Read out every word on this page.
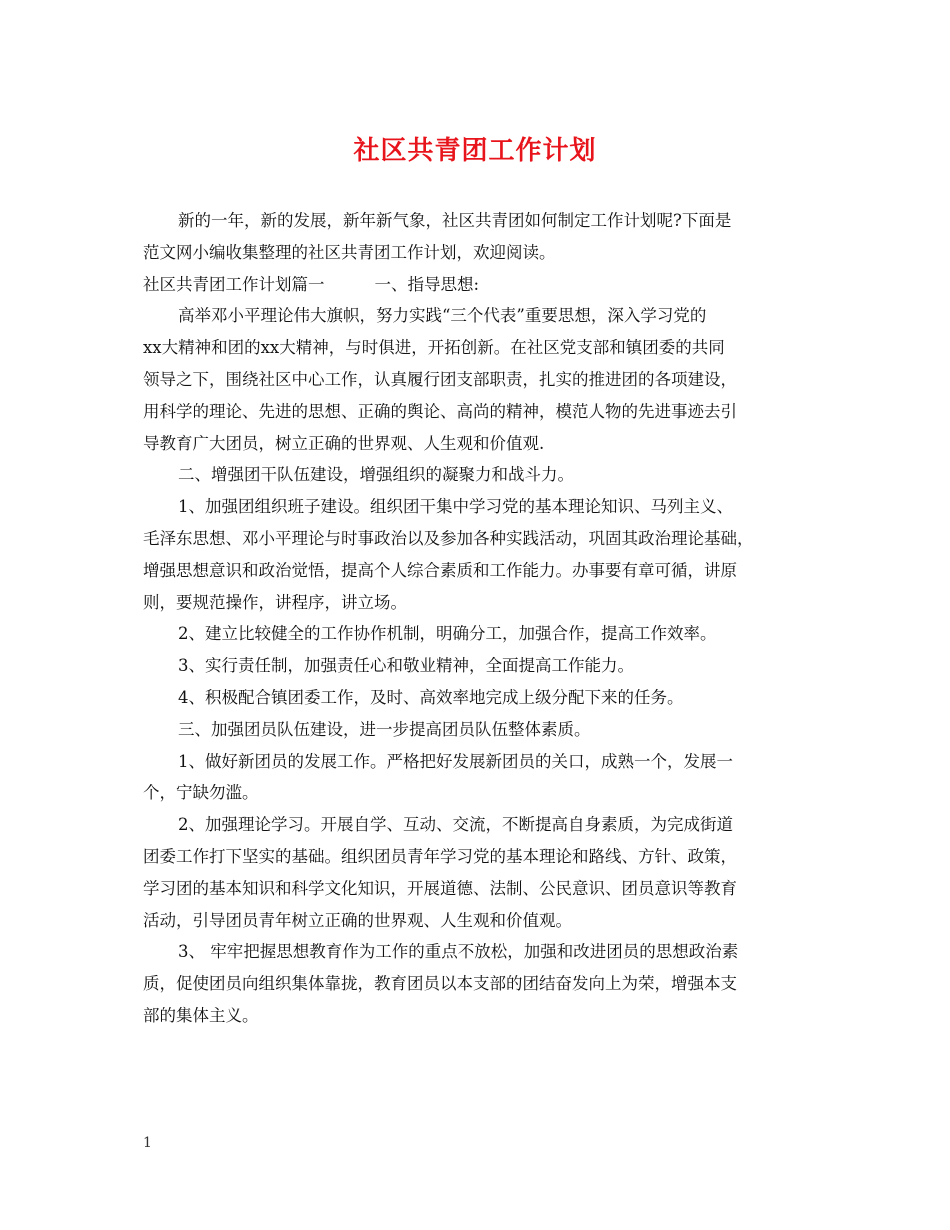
社区共青团工作计划
新的一年，新的发展，新年新气象，社区共青团如何制定工作计划呢?下面是
范文网小编收集整理的社区共青团工作计划，欢迎阅读。
社区共青团工作计划篇一	一、指导思想:
高举邓小平理论伟大旗帜，努力实践“三个代表”重要思想，深入学习党的
xx大精神和团的xx大精神，与时俱进，开拓创新。在社区党支部和镇团委的共同
领导之下，围绕社区中心工作，认真履行团支部职责，扎实的推进团的各项建设，
用科学的理论、先进的思想、正确的舆论、高尚的精神，模范人物的先进事迹去引
导教育广大团员，树立正确的世界观、人生观和价值观.
二、增强团干队伍建设，增强组织的凝聚力和战斗力。
1、加强团组织班子建设。组织团干集中学习党的基本理论知识、马列主义、
毛泽东思想、邓小平理论与时事政治以及参加各种实践活动，巩固其政治理论基础，
增强思想意识和政治觉悟，提高个人综合素质和工作能力。办事要有章可循，讲原
则，要规范操作，讲程序，讲立场。
2、建立比较健全的工作协作机制，明确分工，加强合作，提高工作效率。
3、实行责任制，加强责任心和敬业精神，全面提高工作能力。
4、积极配合镇团委工作，及时、高效率地完成上级分配下来的任务。
三、加强团员队伍建设，进一步提高团员队伍整体素质。
1、做好新团员的发展工作。严格把好发展新团员的关口，成熟一个，发展一
个，宁缺勿滥。
2、加强理论学习。开展自学、互动、交流，不断提高自身素质，为完成街道
团委工作打下坚实的基础。组织团员青年学习党的基本理论和路线、方针、政策，
学习团的基本知识和科学文化知识，开展道德、法制、公民意识、团员意识等教育
活动，引导团员青年树立正确的世界观、人生观和价值观。
3、 牢牢把握思想教育作为工作的重点不放松，加强和改进团员的思想政治素
质，促使团员向组织集体靠拢，教育团员以本支部的团结奋发向上为荣，增强本支
部的集体主义。
1
